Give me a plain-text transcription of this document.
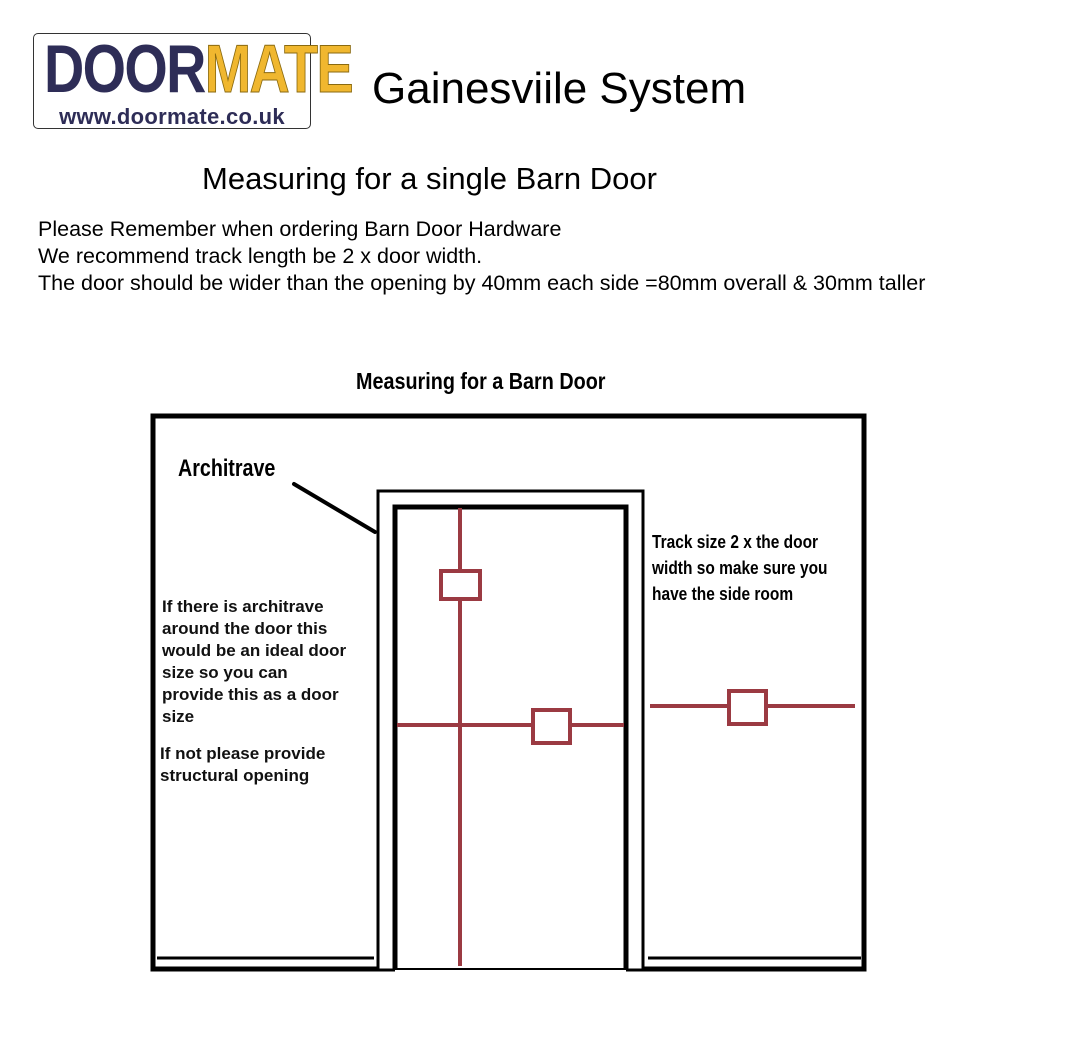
DOORMATE
www.doormate.co.uk
Gainesviile System
Measuring for a single Barn Door
Please Remember when ordering Barn Door Hardware
We recommend track length be 2 x door width.
The door should be wider than the opening by 40mm each side =80mm overall & 30mm taller
Measuring for a Barn Door
Architrave
If there is architrave
around the door this
would be an ideal door
size so you can
provide this as a door
size
If not please provide
structural opening
Track size 2 x the door
width so make sure you
have the side room
